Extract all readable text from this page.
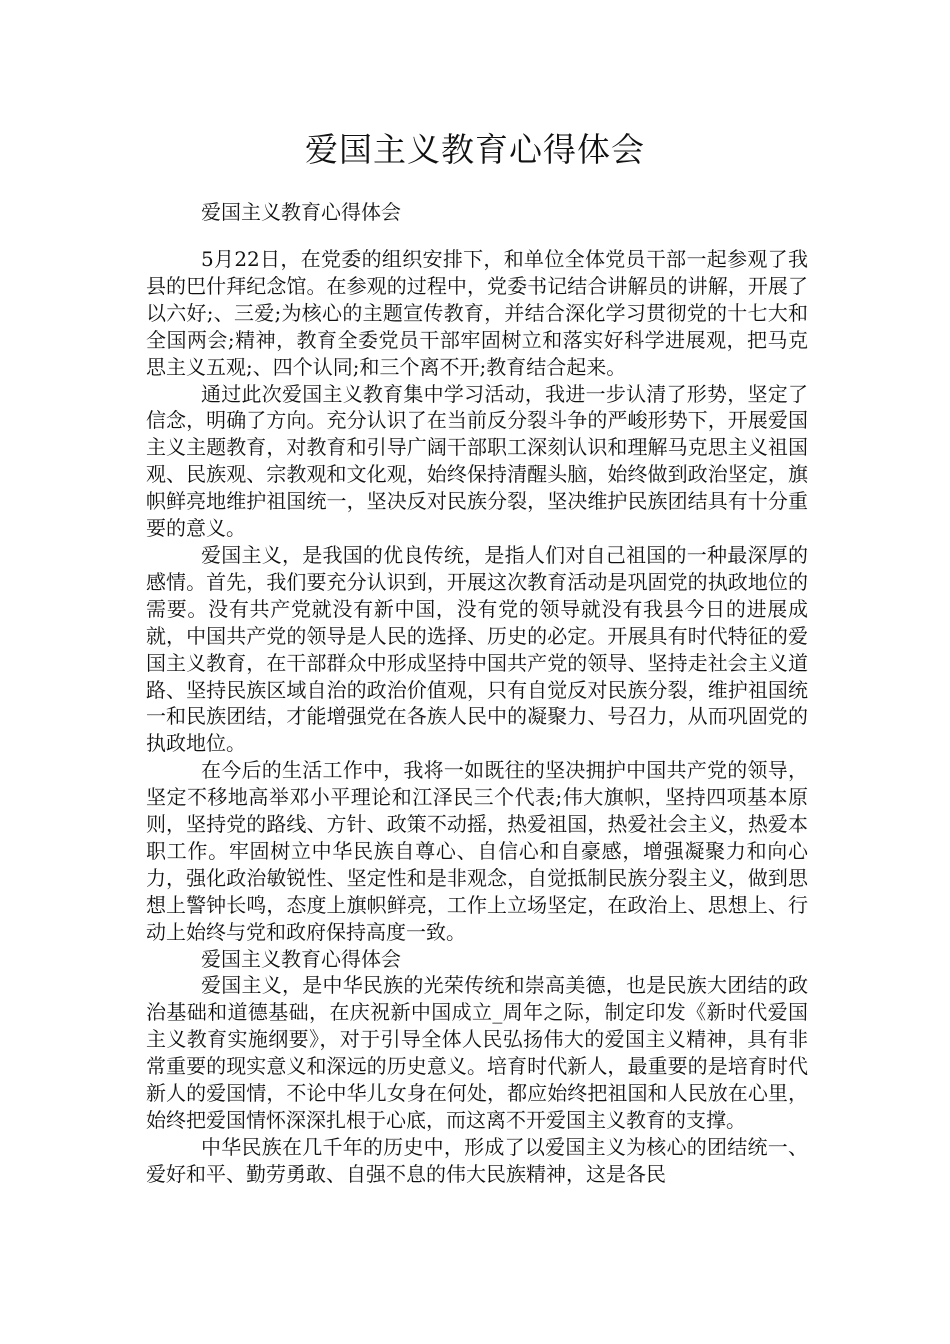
爱国主义教育心得体会

爱国主义教育心得体会

5月22日，在党委的组织安排下，和单位全体党员干部一起参观了我县的巴什拜纪念馆。在参观的过程中，党委书记结合讲解员的讲解，开展了以六好;、三爱;为核心的主题宣传教育，并结合深化学习贯彻党的十七大和全国两会;精神，教育全委党员干部牢固树立和落实好科学进展观，把马克思主义五观;、四个认同;和三个离不开;教育结合起来。

通过此次爱国主义教育集中学习活动，我进一步认清了形势，坚定了信念，明确了方向。充分认识了在当前反分裂斗争的严峻形势下，开展爱国主义主题教育，对教育和引导广阔干部职工深刻认识和理解马克思主义祖国观、民族观、宗教观和文化观，始终保持清醒头脑，始终做到政治坚定，旗帜鲜亮地维护祖国统一，坚决反对民族分裂，坚决维护民族团结具有十分重要的意义。

爱国主义，是我国的优良传统，是指人们对自己祖国的一种最深厚的感情。首先，我们要充分认识到，开展这次教育活动是巩固党的执政地位的需要。没有共产党就没有新中国，没有党的领导就没有我县今日的进展成就，中国共产党的领导是人民的选择、历史的必定。开展具有时代特征的爱国主义教育，在干部群众中形成坚持中国共产党的领导、坚持走社会主义道路、坚持民族区域自治的政治价值观，只有自觉反对民族分裂，维护祖国统一和民族团结，才能增强党在各族人民中的凝聚力、号召力，从而巩固党的执政地位。

在今后的生活工作中，我将一如既往的坚决拥护中国共产党的领导，坚定不移地高举邓小平理论和江泽民三个代表;伟大旗帜，坚持四项基本原则，坚持党的路线、方针、政策不动摇，热爱祖国，热爱社会主义，热爱本职工作。牢固树立中华民族自尊心、自信心和自豪感，增强凝聚力和向心力，强化政治敏锐性、坚定性和是非观念，自觉抵制民族分裂主义，做到思想上警钟长鸣，态度上旗帜鲜亮，工作上立场坚定，在政治上、思想上、行动上始终与党和政府保持高度一致。

爱国主义教育心得体会

爱国主义，是中华民族的光荣传统和崇高美德，也是民族大团结的政治基础和道德基础，在庆祝新中国成立_周年之际，制定印发《新时代爱国主义教育实施纲要》，对于引导全体人民弘扬伟大的爱国主义精神，具有非常重要的现实意义和深远的历史意义。培育时代新人，最重要的是培育时代新人的爱国情，不论中华儿女身在何处，都应始终把祖国和人民放在心里，始终把爱国情怀深深扎根于心底，而这离不开爱国主义教育的支撑。

中华民族在几千年的历史中，形成了以爱国主义为核心的团结统一、爱好和平、勤劳勇敢、自强不息的伟大民族精神，这是各民
